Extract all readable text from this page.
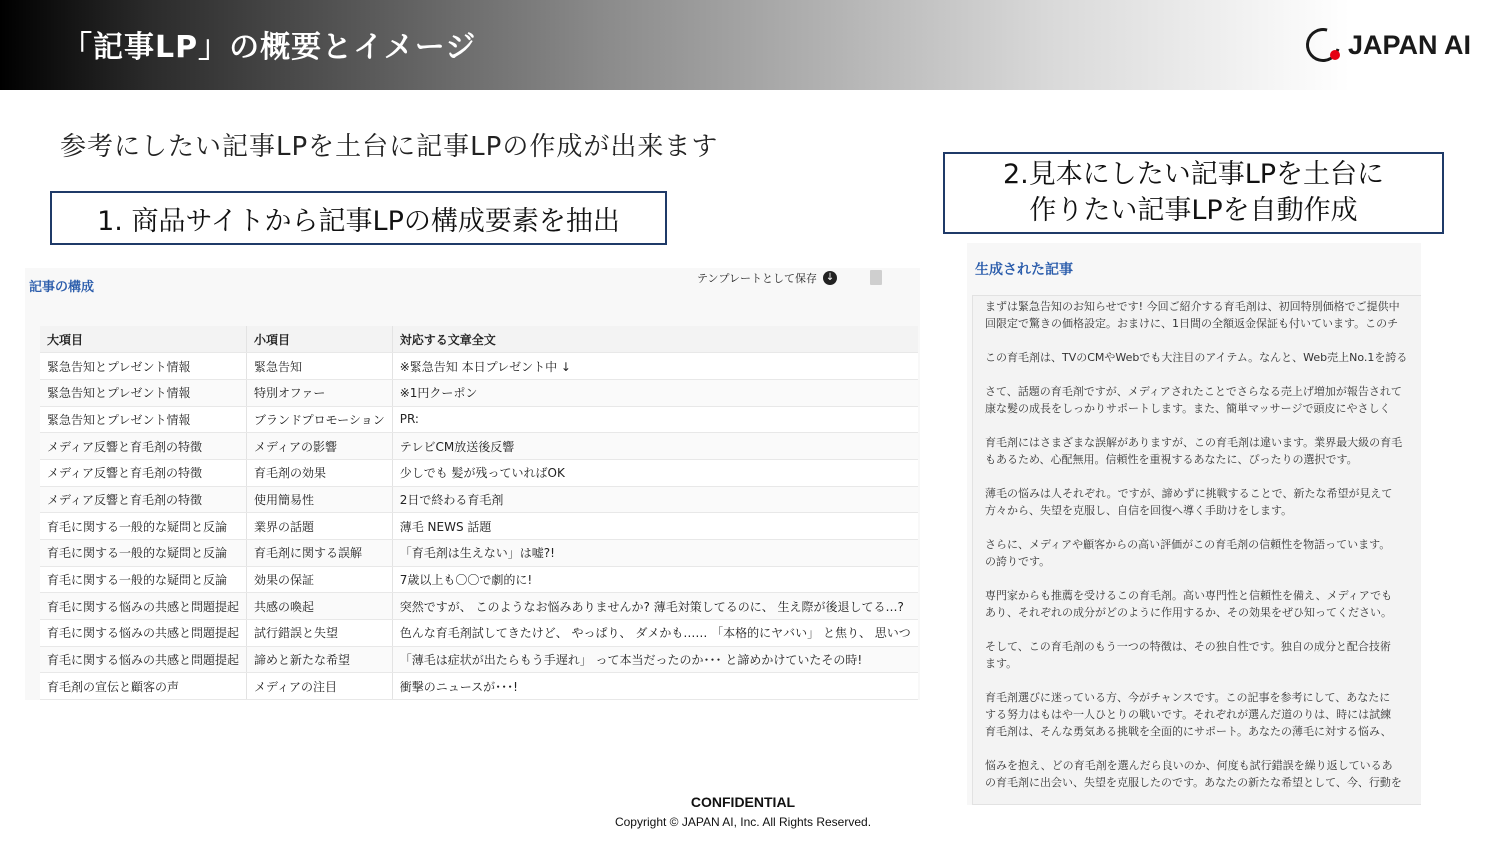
「記事LP」の概要とイメージ	JAPAN AI
参考にしたい記事LPを土台に記事LPの作成が出来ます
1. 商品サイトから記事LPの構成要素を抽出
2.見本にしたい記事LPを土台に
作りたい記事LPを自動作成
記事の構成
テンプレートとして保存 ↓
大項目	小項目	対応する文章全文
緊急告知とプレゼント情報	緊急告知	※緊急告知 本日プレゼント中 ↓
緊急告知とプレゼント情報	特別オファー	※1円クーポン
緊急告知とプレゼント情報	ブランドプロモーション	PR:
メディア反響と育毛剤の特徴	メディアの影響	テレビCM放送後反響
メディア反響と育毛剤の特徴	育毛剤の効果	少しでも 髪が残っていればOK
メディア反響と育毛剤の特徴	使用簡易性	2日で終わる育毛剤
育毛に関する一般的な疑問と反論	業界の話題	薄毛 NEWS 話題
育毛に関する一般的な疑問と反論	育毛剤に関する誤解	「育毛剤は生えない」は嘘?!
育毛に関する一般的な疑問と反論	効果の保証	7歳以上も〇〇で劇的に!
育毛に関する悩みの共感と問題提起	共感の喚起	突然ですが、 このようなお悩みありませんか? 薄毛対策してるのに、 生え際が後退してる…?
育毛に関する悩みの共感と問題提起	試行錯誤と失望	色んな育毛剤試してきたけど、 やっぱり、 ダメかも…… 「本格的にヤバい」 と焦り、 思いつ
育毛に関する悩みの共感と問題提起	諦めと新たな希望	「薄毛は症状が出たらもう手遅れ」 って本当だったのか･･･ と諦めかけていたその時!
育毛剤の宣伝と顧客の声	メディアの注目	衝撃のニュースが･･･!
生成された記事

まずは緊急告知のお知らせです! 今回ご紹介する育毛剤は、初回特別価格でご提供中
回限定で驚きの価格設定。おまけに、1日間の全額返金保証も付いています。このチ

この育毛剤は、TVのCMやWebでも大注目のアイテム。なんと、Web売上No.1を誇る

さて、話題の育毛剤ですが、メディアされたことでさらなる売上げ増加が報告されて
康な髪の成長をしっかりサポートします。また、簡単マッサージで頭皮にやさしく

育毛剤にはさまざまな誤解がありますが、この育毛剤は違います。業界最大級の育毛
もあるため、心配無用。信頼性を重視するあなたに、ぴったりの選択です。

薄毛の悩みは人それぞれ。ですが、諦めずに挑戦することで、新たな希望が見えて
方々から、失望を克服し、自信を回復へ導く手助けをします。

さらに、メディアや顧客からの高い評価がこの育毛剤の信頼性を物語っています。
の誇りです。

専門家からも推薦を受けるこの育毛剤。高い専門性と信頼性を備え、メディアでも
あり、それぞれの成分がどのように作用するか、その効果をぜひ知ってください。

そして、この育毛剤のもう一つの特徴は、その独自性です。独自の成分と配合技術
ます。

育毛剤選びに迷っている方、今がチャンスです。この記事を参考にして、あなたに
する努力はもはや一人ひとりの戦いです。それぞれが選んだ道のりは、時には試練
育毛剤は、そんな勇気ある挑戦を全面的にサポート。あなたの薄毛に対する悩み、

悩みを抱え、どの育毛剤を選んだら良いのか、何度も試行錯誤を繰り返しているあ
の育毛剤に出会い、失望を克服したのです。あなたの新たな希望として、今、行動を

CONFIDENTIAL
Copyright © JAPAN AI, Inc. All Rights Reserved.
